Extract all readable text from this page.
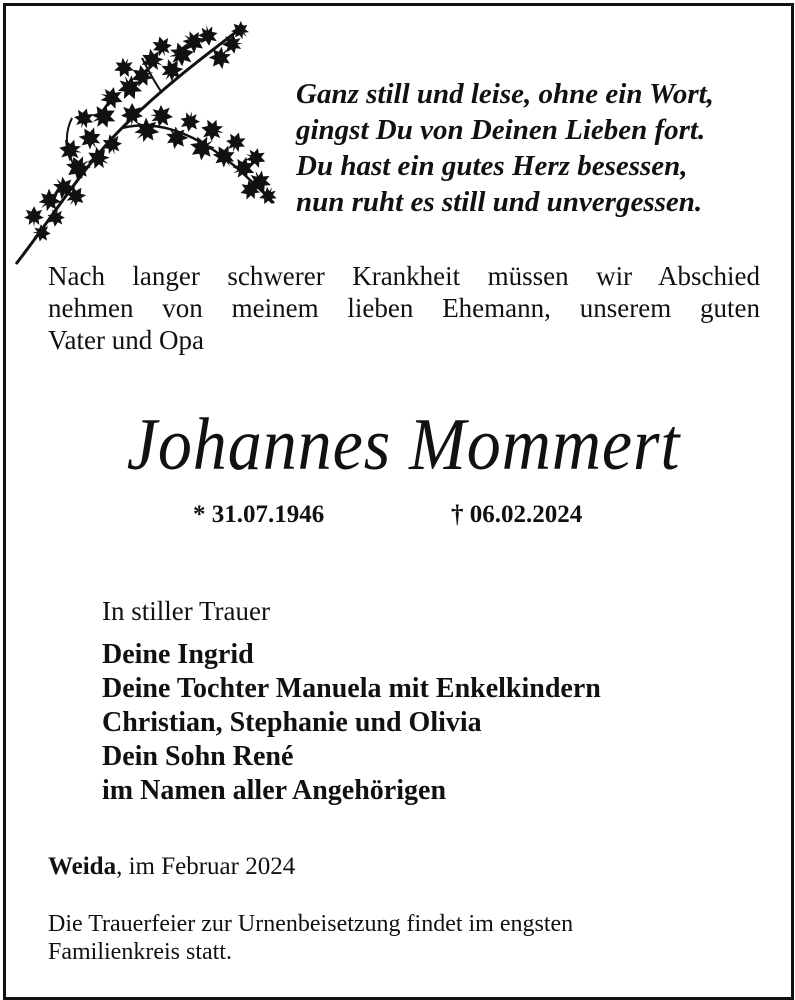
Ganz still und leise, ohne ein Wort,
gingst Du von Deinen Lieben fort.
Du hast ein gutes Herz besessen,
nun ruht es still und unvergessen.
Nach langer schwerer Krankheit müssen wir Abschied
nehmen von meinem lieben Ehemann, unserem guten
Vater und Opa
Johannes Mommert
* 31.07.1946	† 06.02.2024
In stiller Trauer
Deine Ingrid
Deine Tochter Manuela mit Enkelkindern
Christian, Stephanie und Olivia
Dein Sohn René
im Namen aller Angehörigen
Weida, im Februar 2024
Die Trauerfeier zur Urnenbeisetzung findet im engsten
Familienkreis statt.
